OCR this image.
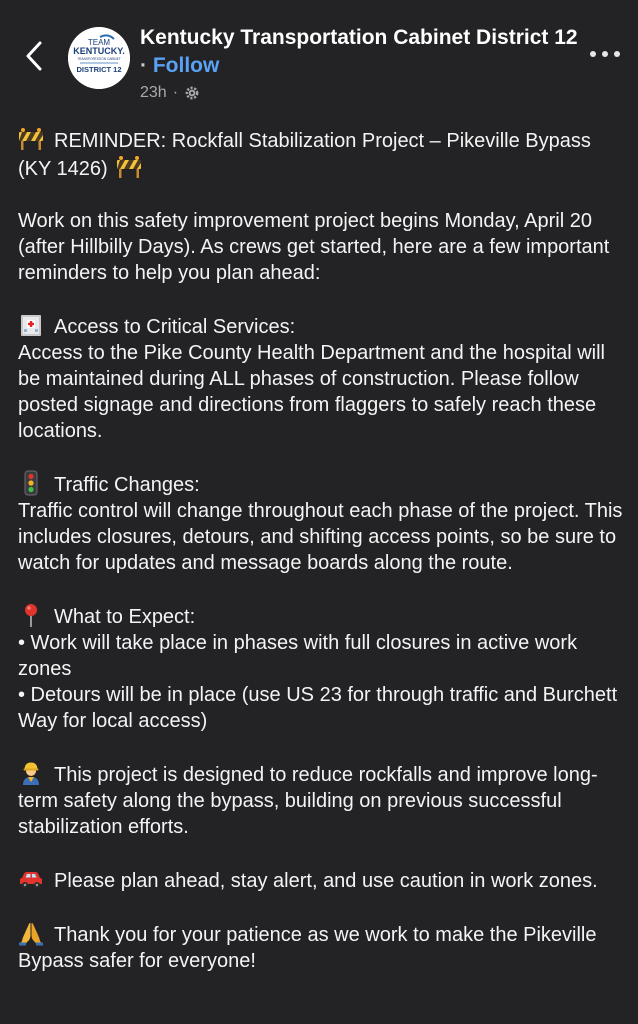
TEAM
KENTUCKY.
TRANSPORTATION CABINET
DISTRICT 12
Kentucky Transportation Cabinet District 12 · Follow
23h ·
REMINDER: Rockfall Stabilization Project – Pikeville Bypass (KY 1426)
Work on this safety improvement project begins Monday, April 20 (after Hillbilly Days). As crews get started, here are a few important reminders to help you plan ahead:
Access to Critical Services:
Access to the Pike County Health Department and the hospital will be maintained during ALL phases of construction. Please follow posted signage and directions from flaggers to safely reach these locations.
Traffic Changes:
Traffic control will change throughout each phase of the project. This includes closures, detours, and shifting access points, so be sure to watch for updates and message boards along the route.
What to Expect:
• Work will take place in phases with full closures in active work zones
• Detours will be in place (use US 23 for through traffic and Burchett Way for local access)
This project is designed to reduce rockfalls and improve long-term safety along the bypass, building on previous successful stabilization efforts.
Please plan ahead, stay alert, and use caution in work zones.
Thank you for your patience as we work to make the Pikeville Bypass safer for everyone!
